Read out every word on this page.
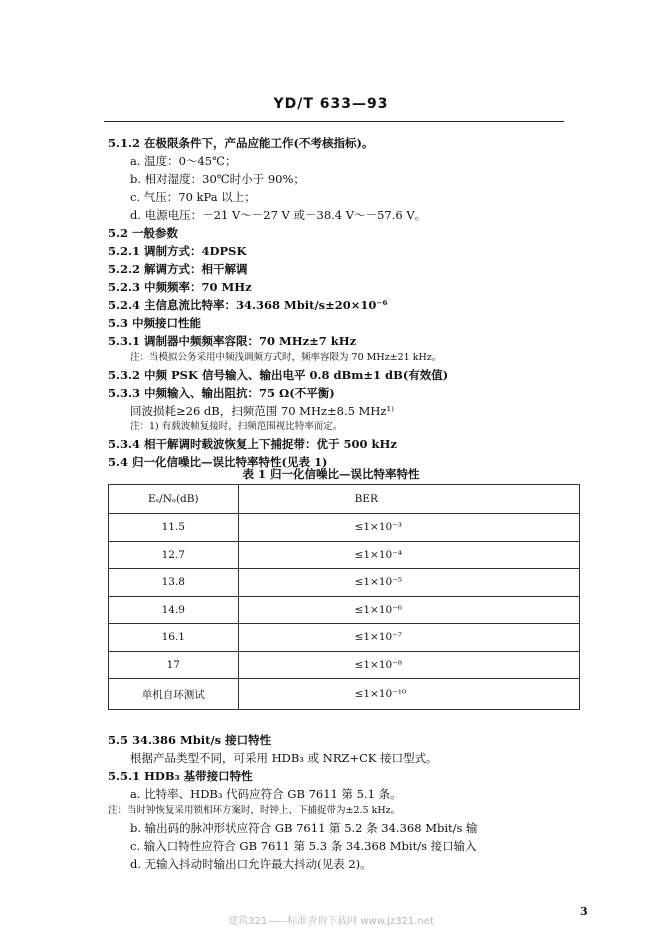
YD/T 633—93
5.1.2 在极限条件下，产品应能工作(不考核指标)。
a. 温度：0～45℃；
b. 相对湿度：30℃时小于 90%；
c. 气压：70 kPa 以上；
d. 电源电压：－21 V～－27 V 或－38.4 V～－57.6 V。
5.2 一般参数
5.2.1 调制方式：4DPSK
5.2.2 解调方式：相干解调
5.2.3 中频频率：70 MHz
5.2.4 主信息流比特率：34.368 Mbit/s±20×10⁻⁶
5.3 中频接口性能
5.3.1 调制器中频频率容限：70 MHz±7 kHz
注：当模拟公务采用中频浅调频方式时，频率容限为 70 MHz±21 kHz。
5.3.2 中频 PSK 信号输入、输出电平 0.8 dBm±1 dB(有效值)
5.3.3 中频输入、输出阻抗：75 Ω(不平衡)
回波损耗≥26 dB，扫频范围 70 MHz±8.5 MHz¹⁾
注：1) 有载波帧复接时，扫频范围视比特率而定。
5.3.4 相干解调时载波恢复上下捕捉带：优于 500 kHz
5.4 归一化信噪比—误比特率特性(见表 1)
表 1 归一化信噪比—误比特率特性
Eₛ/Nₒ(dB)	BER
11.5	≤1×10⁻³
12.7	≤1×10⁻⁴
13.8	≤1×10⁻⁵
14.9	≤1×10⁻⁶
16.1	≤1×10⁻⁷
17	≤1×10⁻⁸
单机自环测试	≤1×10⁻¹⁰
5.5 34.386 Mbit/s 接口特性
根据产品类型不同，可采用 HDB₃ 或 NRZ+CK 接口型式。
5.5.1 HDB₃ 基带接口特性
a. 比特率、HDB₃ 代码应符合 GB 7611 第 5.1 条。
注：当时钟恢复采用锁相环方案时，时钟上、下捕捉带为±2.5 kHz。
b. 输出码的脉冲形状应符合 GB 7611 第 5.2 条 34.368 Mbit/s 输
c. 输入口特性应符合 GB 7611 第 5.3 条 34.368 Mbit/s 接口输入
d. 无输入抖动时输出口允许最大抖动(见表 2)。
3
建筑321——标准查询下载网 www.jz321.net
